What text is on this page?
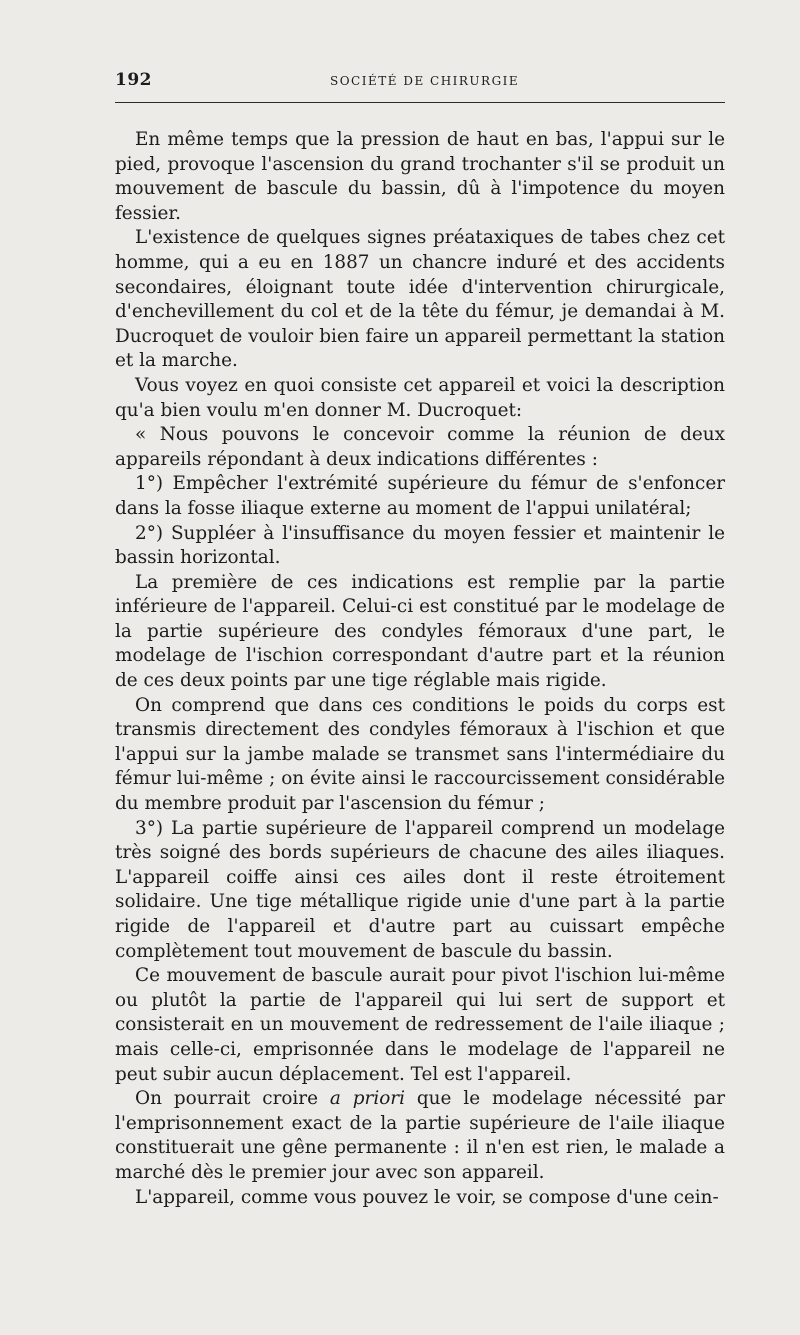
192	SOCIÉTÉ DE CHIRURGIE

En même temps que la pression de haut en bas, l'appui sur le pied, provoque l'ascension du grand trochanter s'il se produit un mouvement de bascule du bassin, dû à l'impotence du moyen fessier.

L'existence de quelques signes préataxiques de tabes chez cet homme, qui a eu en 1887 un chancre induré et des accidents secondaires, éloignant toute idée d'intervention chirurgicale, d'enchevillement du col et de la tête du fémur, je demandai à M. Ducroquet de vouloir bien faire un appareil permettant la station et la marche.

Vous voyez en quoi consiste cet appareil et voici la description qu'a bien voulu m'en donner M. Ducroquet:

« Nous pouvons le concevoir comme la réunion de deux appareils répondant à deux indications différentes :

1°) Empêcher l'extrémité supérieure du fémur de s'enfoncer dans la fosse iliaque externe au moment de l'appui unilatéral;

2°) Suppléer à l'insuffisance du moyen fessier et maintenir le bassin horizontal.

La première de ces indications est remplie par la partie inférieure de l'appareil. Celui-ci est constitué par le modelage de la partie supérieure des condyles fémoraux d'une part, le modelage de l'ischion correspondant d'autre part et la réunion de ces deux points par une tige réglable mais rigide.

On comprend que dans ces conditions le poids du corps est transmis directement des condyles fémoraux à l'ischion et que l'appui sur la jambe malade se transmet sans l'intermédiaire du fémur lui-même ; on évite ainsi le raccourcissement considérable du membre produit par l'ascension du fémur ;

3°) La partie supérieure de l'appareil comprend un modelage très soigné des bords supérieurs de chacune des ailes iliaques. L'appareil coiffe ainsi ces ailes dont il reste étroitement solidaire. Une tige métallique rigide unie d'une part à la partie rigide de l'appareil et d'autre part au cuissart empêche complètement tout mouvement de bascule du bassin.

Ce mouvement de bascule aurait pour pivot l'ischion lui-même ou plutôt la partie de l'appareil qui lui sert de support et consisterait en un mouvement de redressement de l'aile iliaque ; mais celle-ci, emprisonnée dans le modelage de l'appareil ne peut subir aucun déplacement. Tel est l'appareil.

On pourrait croire a priori que le modelage nécessité par l'emprisonnement exact de la partie supérieure de l'aile iliaque constituerait une gêne permanente : il n'en est rien, le malade a marché dès le premier jour avec son appareil.

L'appareil, comme vous pouvez le voir, se compose d'une cein-
